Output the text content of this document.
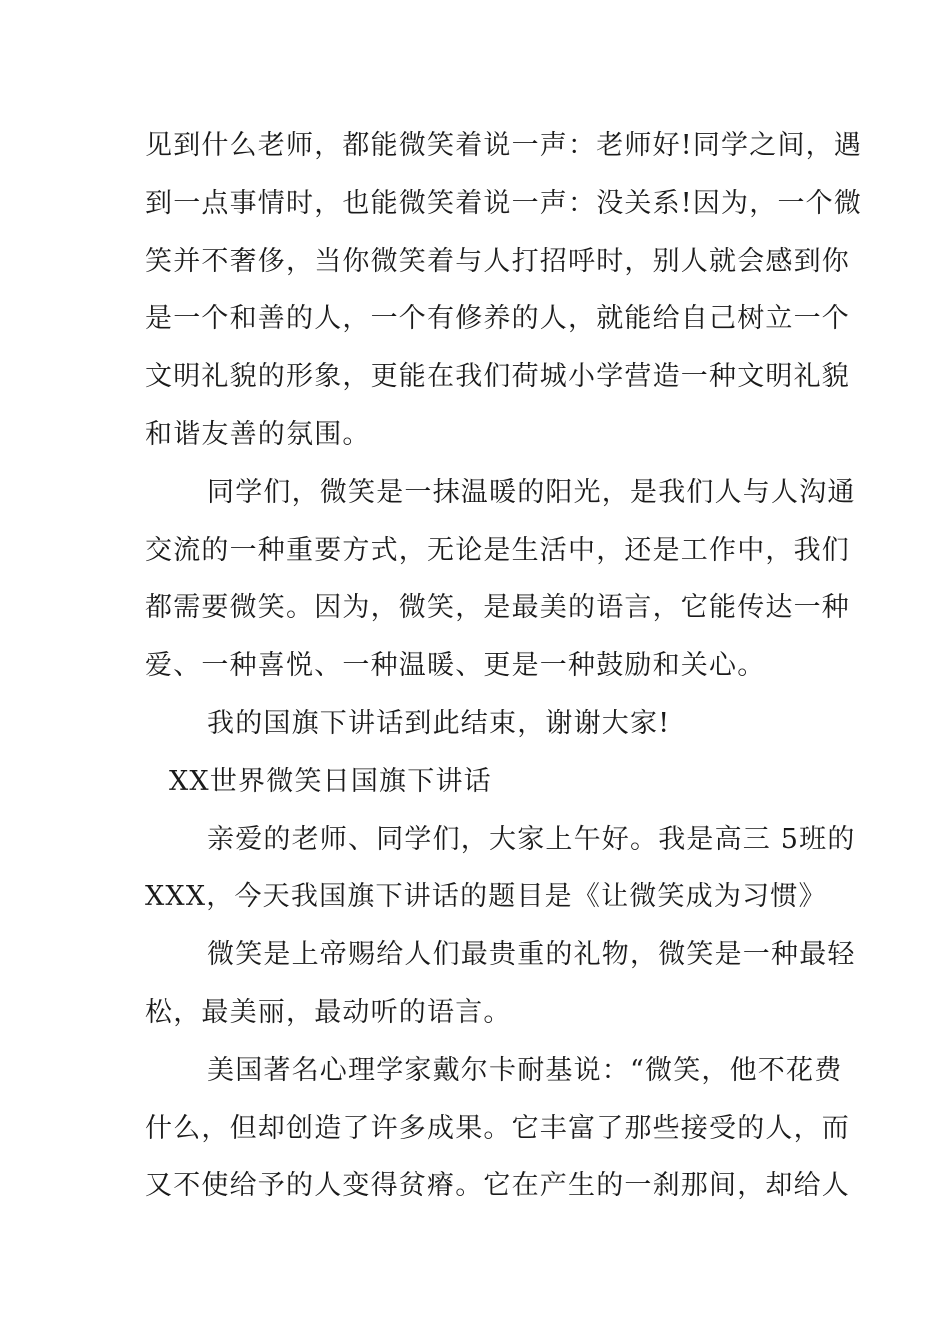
见到什么老师，都能微笑着说一声：老师好!同学之间，遇
到一点事情时，也能微笑着说一声：没关系!因为，一个微
笑并不奢侈，当你微笑着与人打招呼时，别人就会感到你
是一个和善的人，一个有修养的人，就能给自己树立一个
文明礼貌的形象，更能在我们荷城小学营造一种文明礼貌
和谐友善的氛围。
同学们，微笑是一抹温暖的阳光，是我们人与人沟通
交流的一种重要方式，无论是生活中，还是工作中，我们
都需要微笑。因为，微笑，是最美的语言，它能传达一种
爱、一种喜悦、一种温暖、更是一种鼓励和关心。
我的国旗下讲话到此结束，谢谢大家!
XX世界微笑日国旗下讲话
亲爱的老师、同学们，大家上午好。我是高三 5班的
XXX，今天我国旗下讲话的题目是《让微笑成为习惯》
微笑是上帝赐给人们最贵重的礼物，微笑是一种最轻
松，最美丽，最动听的语言。
美国著名心理学家戴尔卡耐基说：“微笑，他不花费
什么，但却创造了许多成果。它丰富了那些接受的人，而
又不使给予的人变得贫瘠。它在产生的一刹那间，却给人
